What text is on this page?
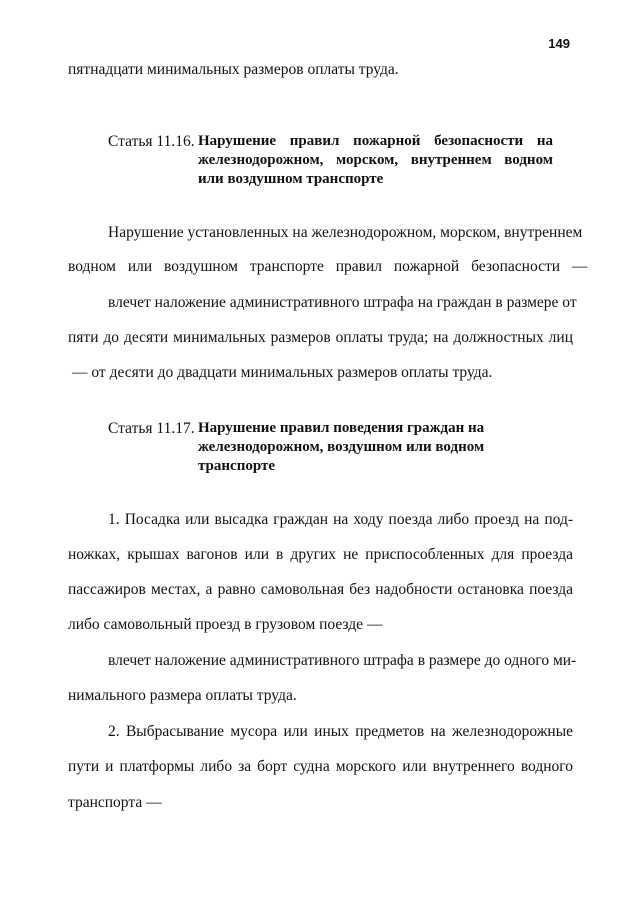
149
пятнадцати минимальных размеров оплаты труда.
Статья 11.16. Нарушение правил пожарной безопасности на
железнодорожном, морском, внутреннем водном
или воздушном транспорте
Нарушение установленных на железнодорожном, морском, внутреннем
водном или воздушном транспорте правил пожарной безопасности —
влечет наложение административного штрафа на граждан в размере от
пяти до десяти минимальных размеров оплаты труда; на должностных лиц
— от десяти до двадцати минимальных размеров оплаты труда.
Статья 11.17. Нарушение правил поведения граждан на
железнодорожном, воздушном или водном
транспорте
1. Посадка или высадка граждан на ходу поезда либо проезд на под-
ножках, крышах вагонов или в других не приспособленных для проезда
пассажиров местах, а равно самовольная без надобности остановка поезда
либо самовольный проезд в грузовом поезде —
влечет наложение административного штрафа в размере до одного ми-
нимального размера оплаты труда.
2. Выбрасывание мусора или иных предметов на железнодорожные
пути и платформы либо за борт судна морского или внутреннего водного
транспорта —
